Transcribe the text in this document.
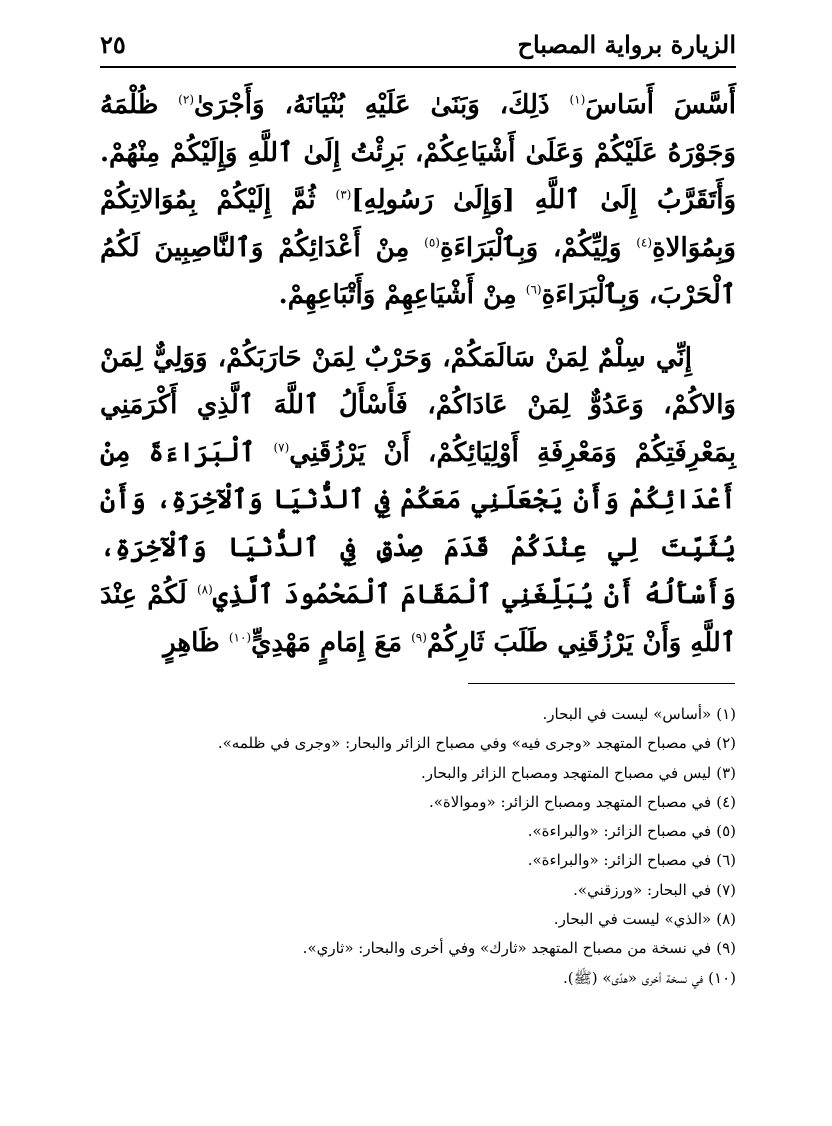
الزيارة برواية المصباح
٢٥

أَسَّسَ أَسَاسَ$^{(١)}$ ذَلِكَ، وَبَنَىٰ عَلَيْهِ بُنْيَانَهُ، وَأَجْرَىٰ$^{(٢)}$ ظُلْمَهُ وَجَوْرَهُ عَلَيْكُمْ وَعَلَىٰ أَشْيَاعِكُمْ، بَرِئْتُ إِلَىٰ ٱللَّهِ وَإِلَيْكُمْ مِنْهُمْ. وَأَتَقَرَّبُ إِلَىٰ ٱللَّهِ [وَإِلَىٰ رَسُولِهِ]$^{(٣)}$ ثُمَّ إِلَيْكُمْ بِمُوَالاتِكُمْ وَبِمُوَالاةِ$^{(٤)}$ وَلِيِّكُمْ، وَبِٱلْبَرَاءَةِ$^{(٥)}$ مِنْ أَعْدَائِكُمْ وَٱلنَّاصِبِينَ لَكُمُ ٱلْحَرْبَ، وَبِٱلْبَرَاءَةِ$^{(٦)}$ مِنْ أَشْيَاعِهِمْ وَأَتْبَاعِهِمْ.

إِنِّي سِلْمٌ لِمَنْ سَالَمَكُمْ، وَحَرْبٌ لِمَنْ حَارَبَكُمْ، وَوَلِيٌّ لِمَنْ وَالاكُمْ، وَعَدُوٌّ لِمَنْ عَادَاكُمْ، فَأَسْأَلُ ٱللَّهَ ٱلَّذِي أَكْرَمَنِي بِمَعْرِفَتِكُمْ وَمَعْرِفَةِ أَوْلِيَائِكُمْ، أَنْ يَرْزُقَنِي$^{(٧)}$ ٱلْبَرَاءَةَ مِنْ أَعْدَائِكُمْ وَأَنْ يَجْعَلَنِي مَعَكُمْ فِي ٱلدُّنْيَا وَٱلْآخِرَةِ، وَأَنْ يُثَبِّتَ لِي عِنْدَكُمْ قَدَمَ صِدْقٍ فِي ٱلدُّنْيَا وَٱلْآخِرَةِ، وَأَسْأَلُهُ أَنْ يُبَلِّغَنِي ٱلْمَقَامَ ٱلْمَحْمُودَ ٱلَّذِي$^{(٨)}$ لَكُمْ عِنْدَ ٱللَّهِ وَأَنْ يَرْزُقَنِي طَلَبَ ثَارِكُمْ$^{(٩)}$ مَعَ إِمَامٍ مَهْدِيٍّ$^{(١٠)}$ ظَاهِرٍ

(١)«أساس» ليست في البحار.
(٢)في مصباح المتهجد «وجرى فيه» وفي مصباح الزائر والبحار: «وجرى في ظلمه».
(٣)ليس في مصباح المتهجد ومصباح الزائر والبحار.
(٤)في مصباح المتهجد ومصباح الزائر: «وموالاة».
(٥)في مصباح الزائر: «والبراءة».
(٦)في مصباح الزائر: «والبراءة».
(٧)في البحار: «ورزقني».
(٨)«الذي» ليست في البحار.
(٩)في نسخة من مصباح المتهجد «ثارك» وفي أخرى والبحار: «ثاري».
(١٠)في نسخة أخرى «هدًى» (ﷺ).
